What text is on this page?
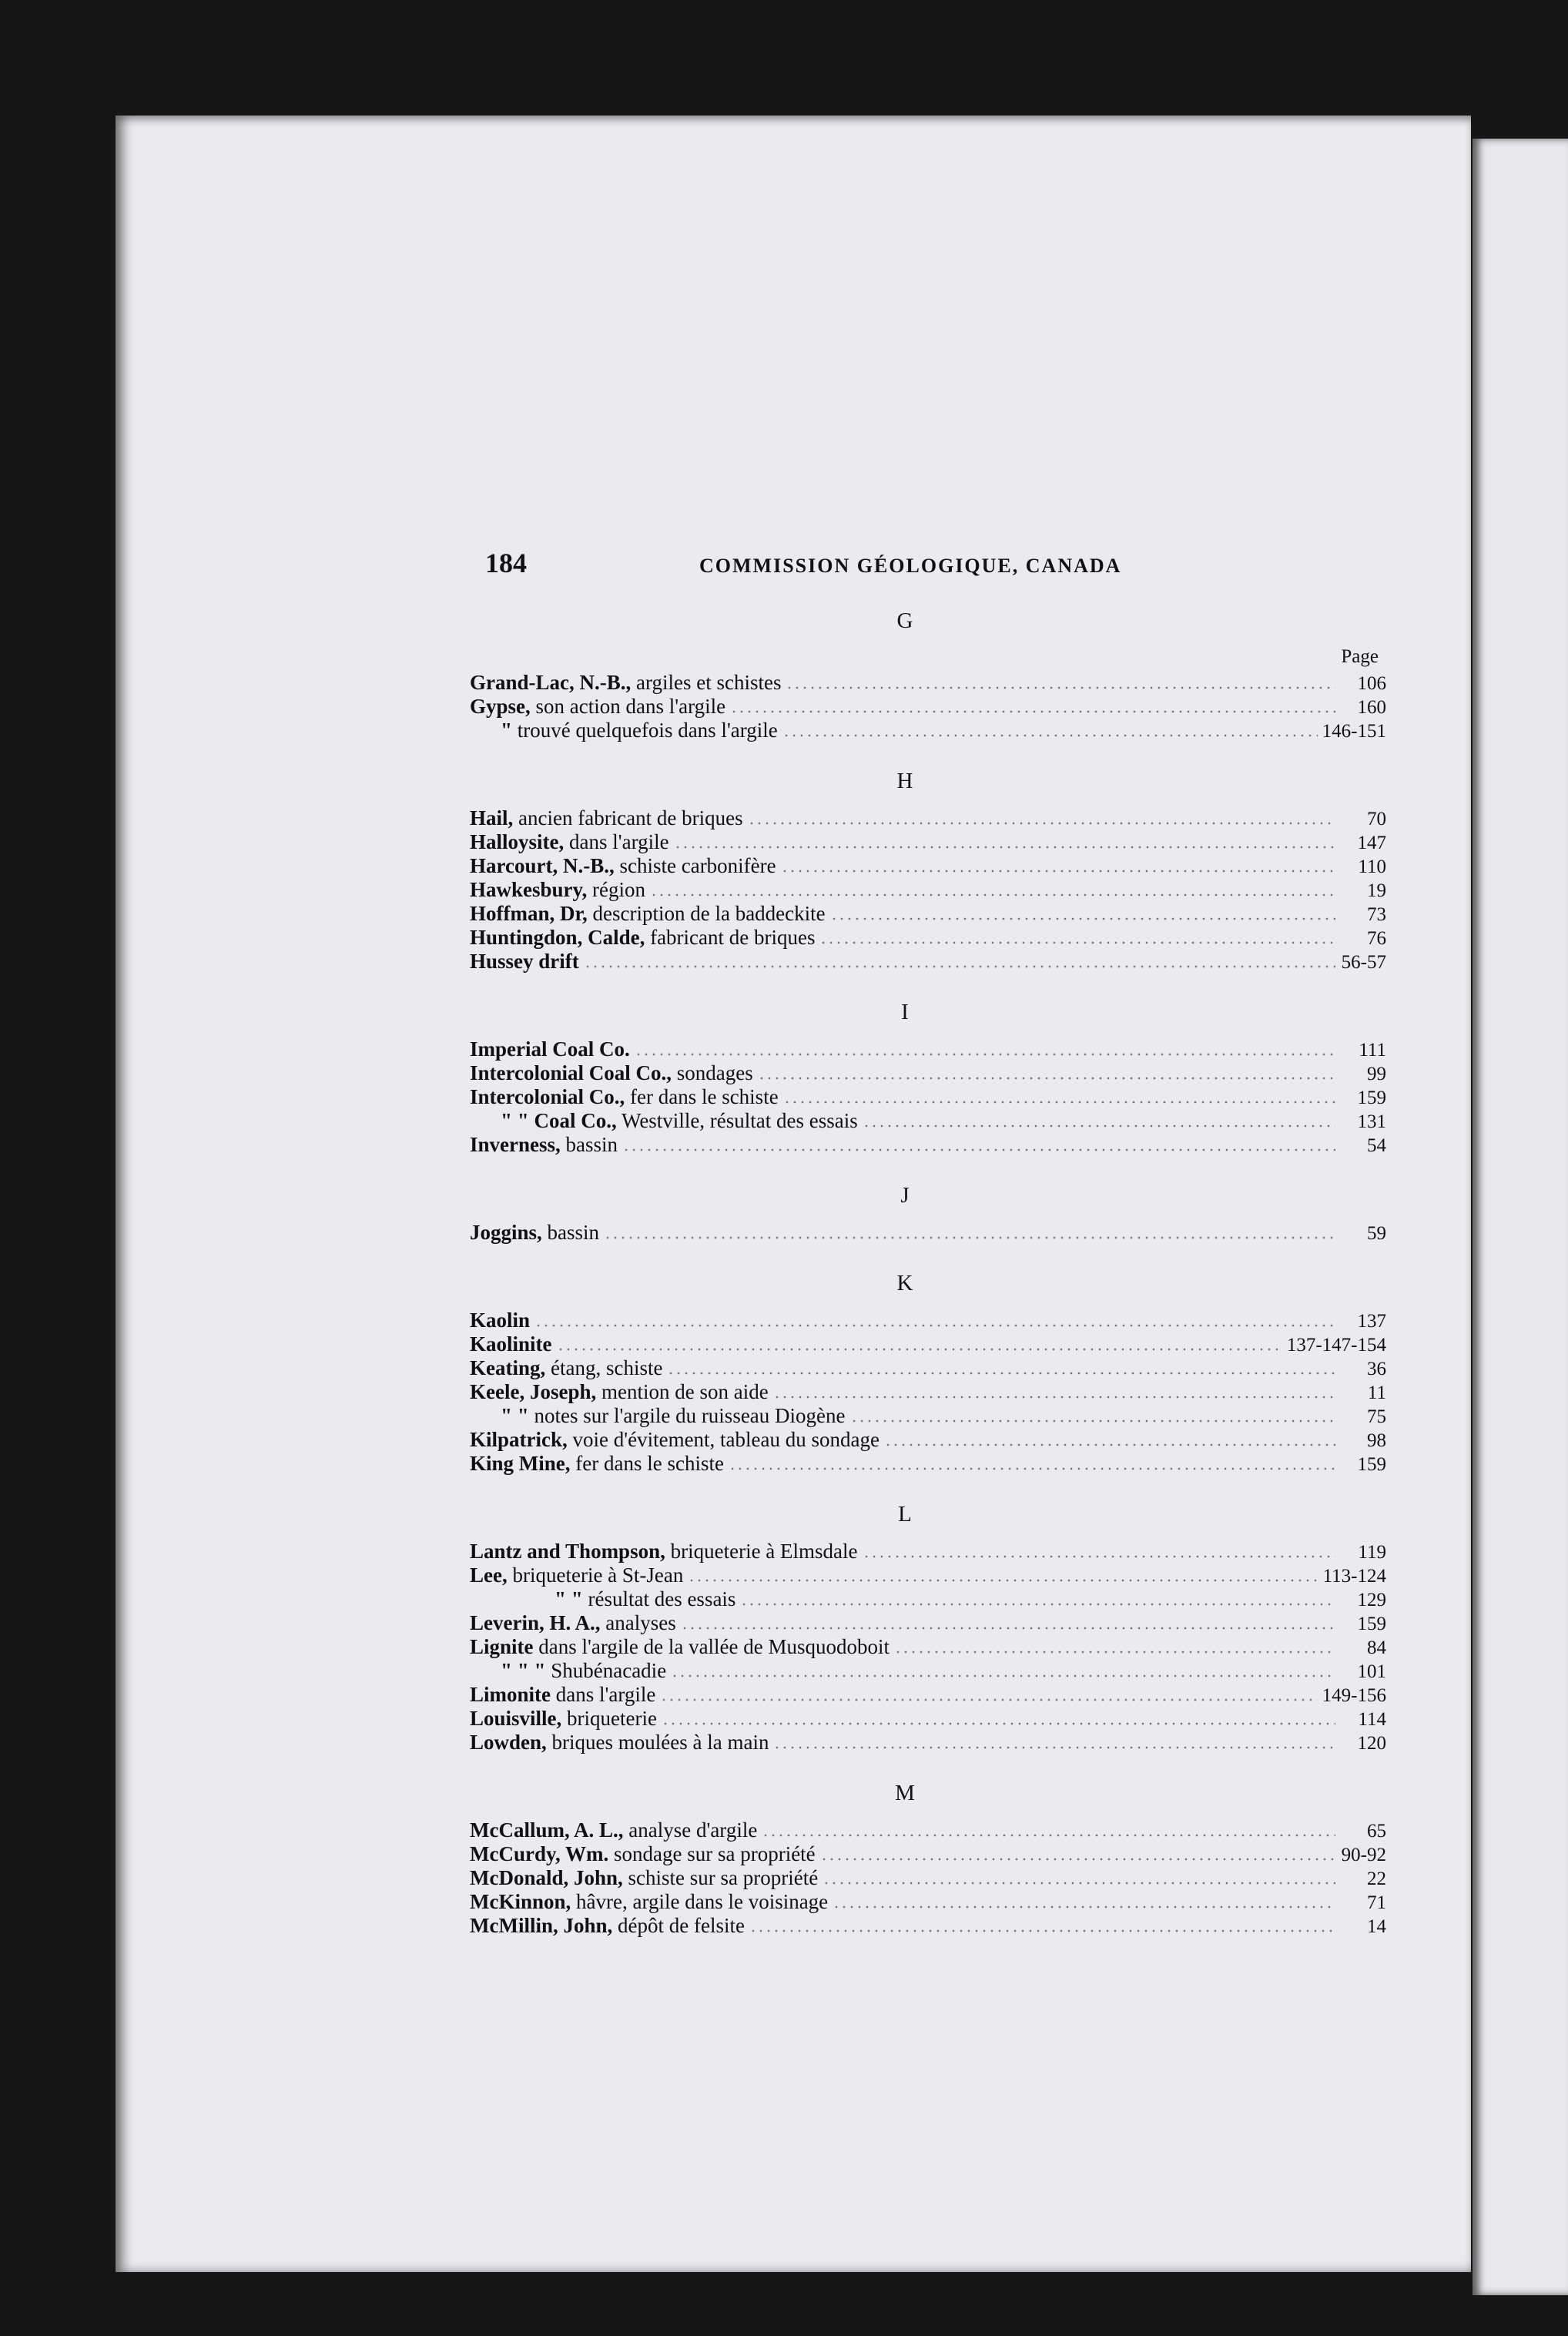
184	COMMISSION GÉOLOGIQUE, CANADA
G
Page
Grand-Lac, N.-B., argiles et schistes	106
Gypse, son action dans l'argile	160
" trouvé quelquefois dans l'argile	146-151
H
Hail, ancien fabricant de briques	70
Halloysite, dans l'argile	147
Harcourt, N.-B., schiste carbonifère	110
Hawkesbury, région	19
Hoffman, Dr, description de la baddeckite	73
Huntingdon, Calde, fabricant de briques	76
Hussey drift	56-57
I
Imperial Coal Co.	111
Intercolonial Coal Co., sondages	99
Intercolonial Co., fer dans le schiste	159
" " Coal Co., Westville, résultat des essais	131
Inverness, bassin	54
J
Joggins, bassin	59
K
Kaolin	137
Kaolinite	137-147-154
Keating, étang, schiste	36
Keele, Joseph, mention de son aide	11
" " notes sur l'argile du ruisseau Diogène	75
Kilpatrick, voie d'évitement, tableau du sondage	98
King Mine, fer dans le schiste	159
L
Lantz and Thompson, briqueterie à Elmsdale	119
Lee, briqueterie à St-Jean	113-124
" " résultat des essais	129
Leverin, H. A., analyses	159
Lignite dans l'argile de la vallée de Musquodoboit	84
" " " Shubénacadie	101
Limonite dans l'argile	149-156
Louisville, briqueterie	114
Lowden, briques moulées à la main	120
M
McCallum, A. L., analyse d'argile	65
McCurdy, Wm. sondage sur sa propriété	90-92
McDonald, John, schiste sur sa propriété	22
McKinnon, hâvre, argile dans le voisinage	71
McMillin, John, dépôt de felsite	14
